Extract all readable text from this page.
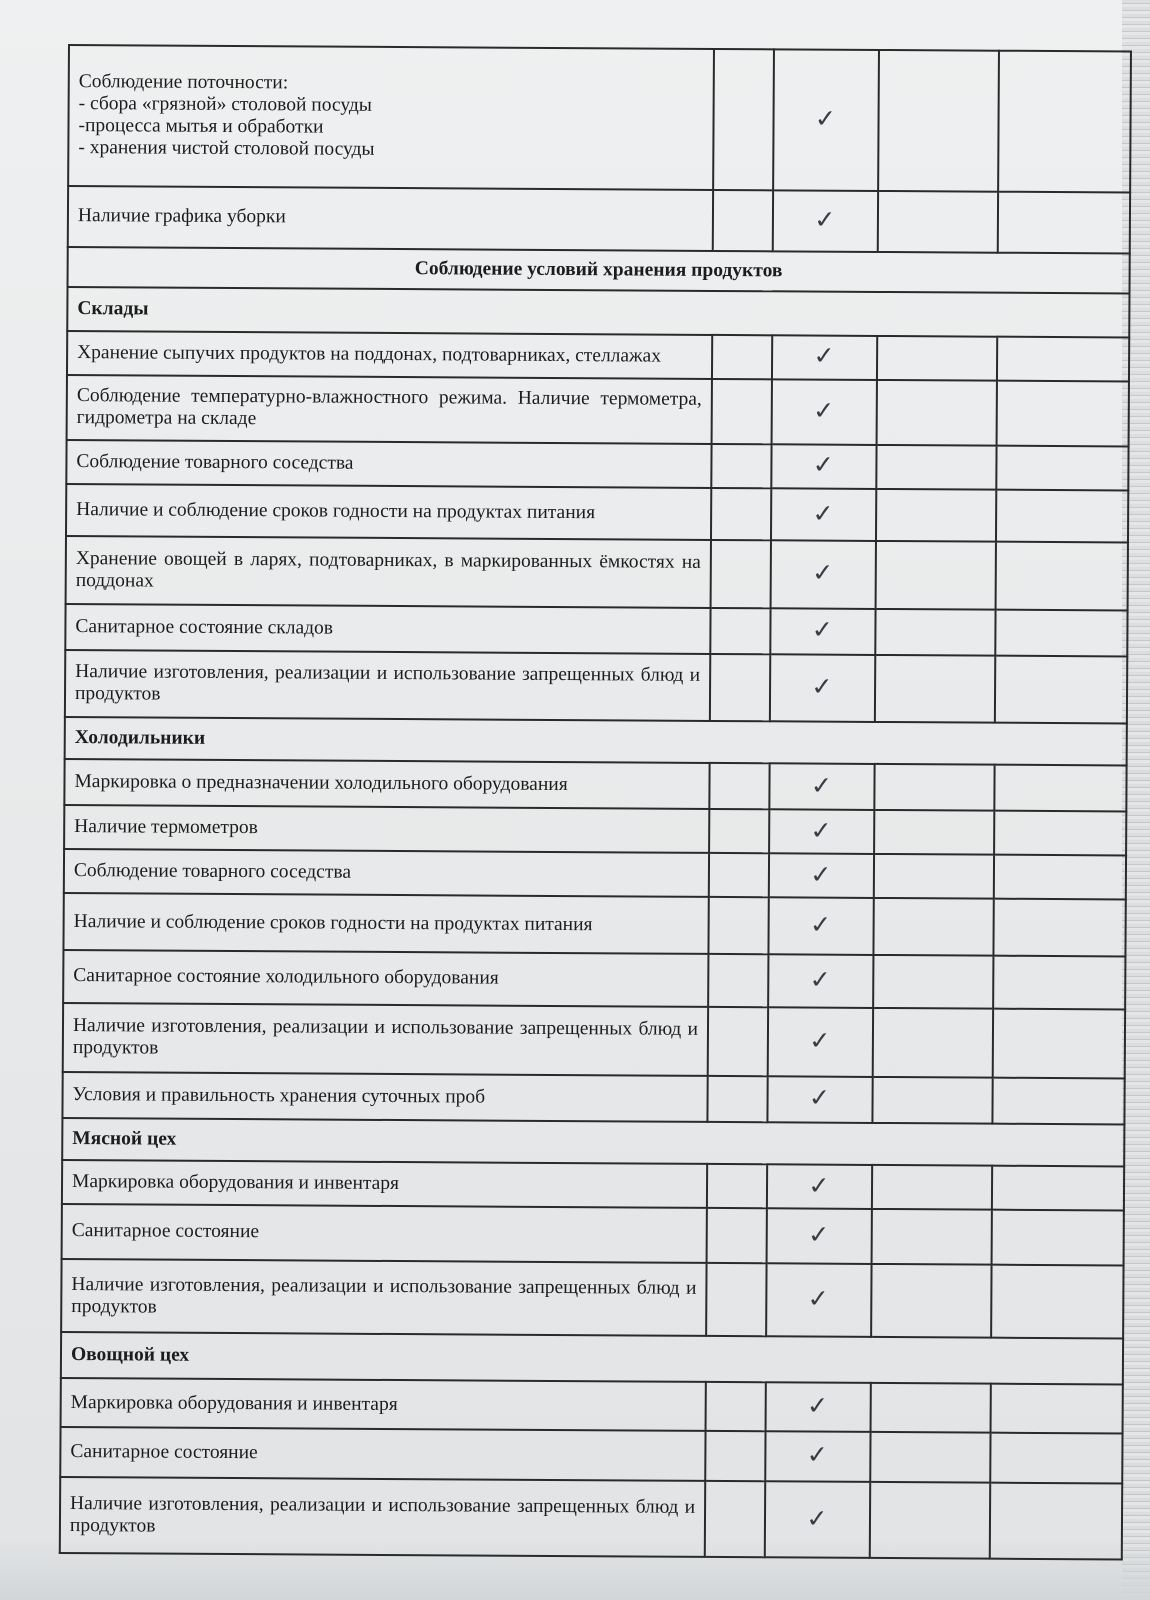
Соблюдение поточности:
- сбора «грязной» столовой посуды
-процесса мытья и обработки
- хранения чистой столовой посуды		✓		
Наличие графика уборки		✓		
Соблюдение условий хранения продуктов				
Склады				
Хранение сыпучих продуктов на поддонах, подтоварниках, стеллажах		✓		
Соблюдение температурно-влажностного режима. Наличие термометра, гидрометра на складе		✓		
Соблюдение товарного соседства		✓		
Наличие и соблюдение сроков годности на продуктах питания		✓		
Хранение овощей в ларях, подтоварниках, в маркированных ёмкостях на поддонах		✓		
Санитарное состояние складов		✓		
Наличие изготовления, реализации и использование запрещенных блюд и продуктов		✓		
Холодильники				
Маркировка о предназначении холодильного оборудования		✓		
Наличие термометров		✓		
Соблюдение товарного соседства		✓		
Наличие и соблюдение сроков годности на продуктах питания		✓		
Санитарное состояние холодильного оборудования		✓		
Наличие изготовления, реализации и использование запрещенных блюд и продуктов		✓		
Условия и правильность хранения суточных проб		✓		
Мясной цех				
Маркировка оборудования и инвентаря		✓		
Санитарное состояние		✓		
Наличие изготовления, реализации и использование запрещенных блюд и продуктов		✓		
Овощной цех				
Маркировка оборудования и инвентаря		✓		
Санитарное состояние		✓		
Наличие изготовления, реализации и использование запрещенных блюд и продуктов		✓		
